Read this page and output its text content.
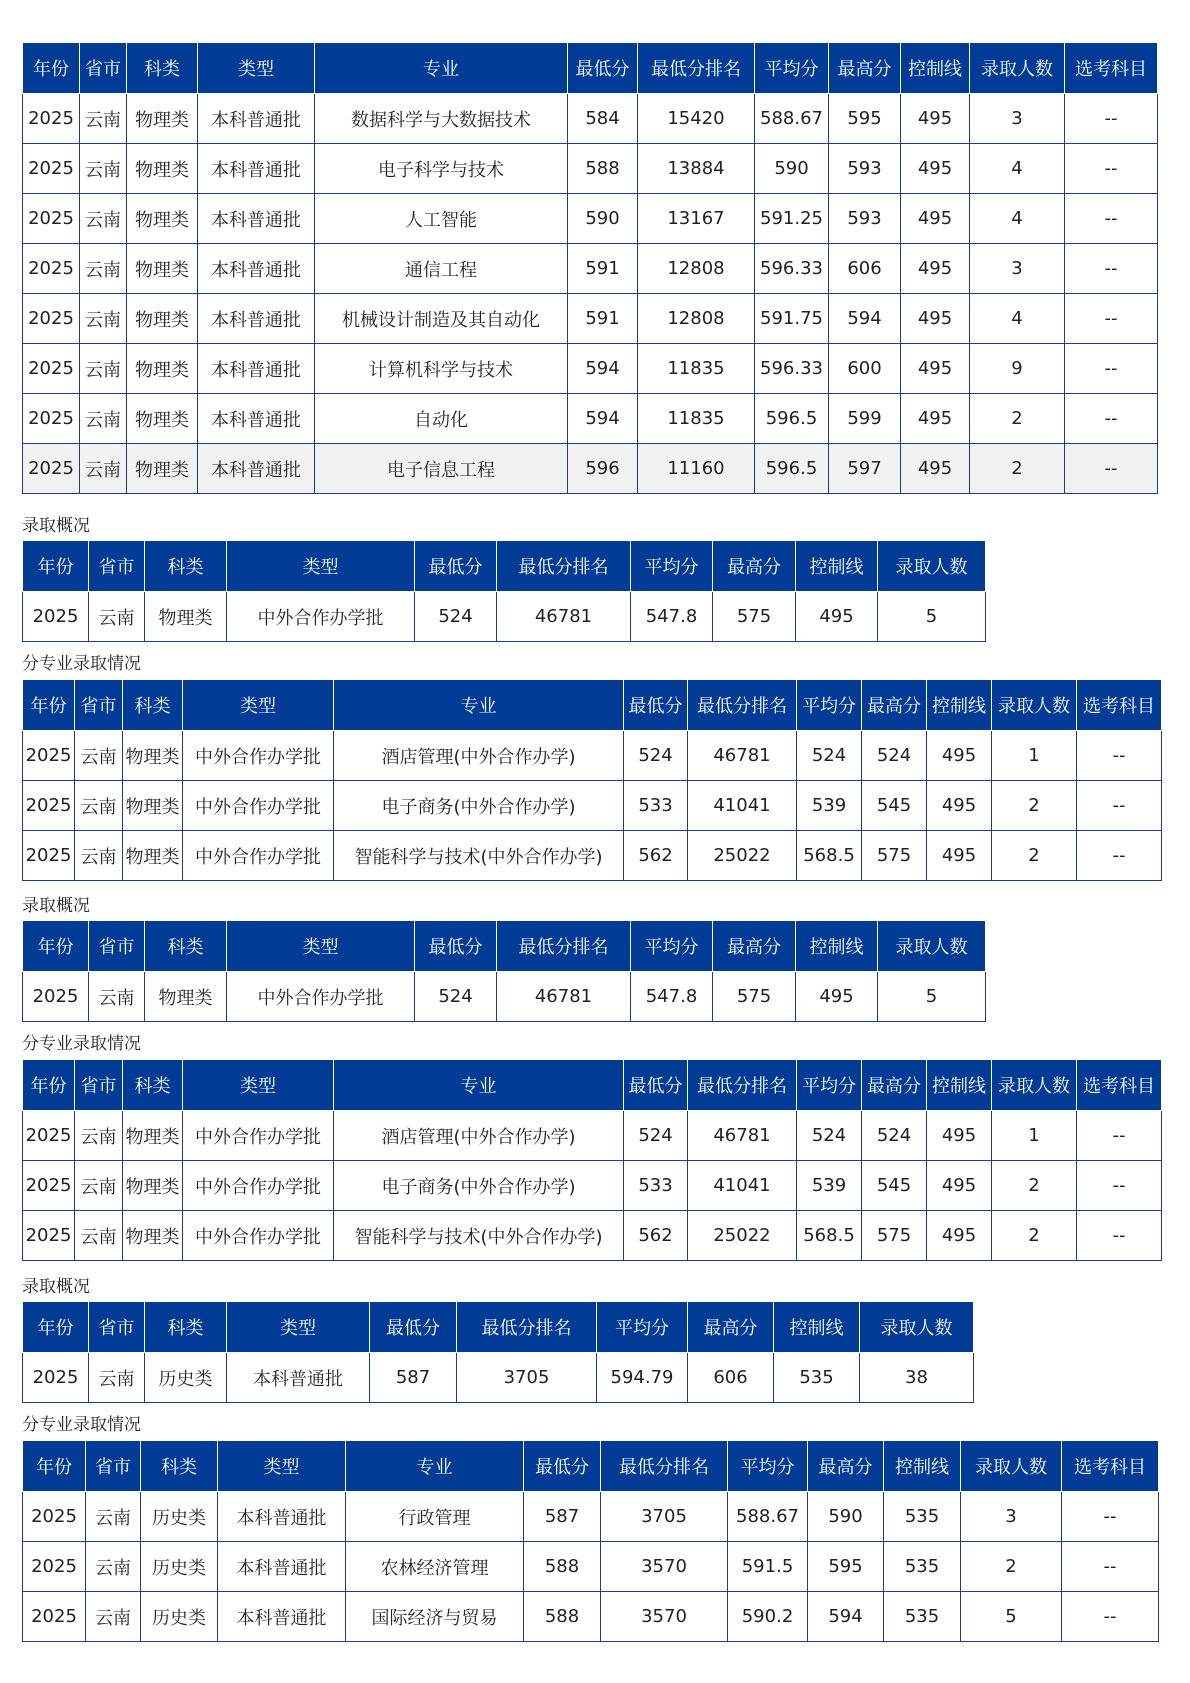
年份	省市	科类	类型	专业	最低分	最低分排名	平均分	最高分	控制线	录取人数	选考科目
2025	云南	物理类	本科普通批	数据科学与大数据技术	584	15420	588.67	595	495	3	--
2025	云南	物理类	本科普通批	电子科学与技术	588	13884	590	593	495	4	--
2025	云南	物理类	本科普通批	人工智能	590	13167	591.25	593	495	4	--
2025	云南	物理类	本科普通批	通信工程	591	12808	596.33	606	495	3	--
2025	云南	物理类	本科普通批	机械设计制造及其自动化	591	12808	591.75	594	495	4	--
2025	云南	物理类	本科普通批	计算机科学与技术	594	11835	596.33	600	495	9	--
2025	云南	物理类	本科普通批	自动化	594	11835	596.5	599	495	2	--
2025	云南	物理类	本科普通批	电子信息工程	596	11160	596.5	597	495	2	--
录取概况
年份	省市	科类	类型	最低分	最低分排名	平均分	最高分	控制线	录取人数
2025	云南	物理类	中外合作办学批	524	46781	547.8	575	495	5
分专业录取情况
年份	省市	科类	类型	专业	最低分	最低分排名	平均分	最高分	控制线	录取人数	选考科目
2025	云南	物理类	中外合作办学批	酒店管理(中外合作办学)	524	46781	524	524	495	1	--
2025	云南	物理类	中外合作办学批	电子商务(中外合作办学)	533	41041	539	545	495	2	--
2025	云南	物理类	中外合作办学批	智能科学与技术(中外合作办学)	562	25022	568.5	575	495	2	--
录取概况
年份	省市	科类	类型	最低分	最低分排名	平均分	最高分	控制线	录取人数
2025	云南	物理类	中外合作办学批	524	46781	547.8	575	495	5
分专业录取情况
年份	省市	科类	类型	专业	最低分	最低分排名	平均分	最高分	控制线	录取人数	选考科目
2025	云南	物理类	中外合作办学批	酒店管理(中外合作办学)	524	46781	524	524	495	1	--
2025	云南	物理类	中外合作办学批	电子商务(中外合作办学)	533	41041	539	545	495	2	--
2025	云南	物理类	中外合作办学批	智能科学与技术(中外合作办学)	562	25022	568.5	575	495	2	--
录取概况
年份	省市	科类	类型	最低分	最低分排名	平均分	最高分	控制线	录取人数
2025	云南	历史类	本科普通批	587	3705	594.79	606	535	38
分专业录取情况
年份	省市	科类	类型	专业	最低分	最低分排名	平均分	最高分	控制线	录取人数	选考科目
2025	云南	历史类	本科普通批	行政管理	587	3705	588.67	590	535	3	--
2025	云南	历史类	本科普通批	农林经济管理	588	3570	591.5	595	535	2	--
2025	云南	历史类	本科普通批	国际经济与贸易	588	3570	590.2	594	535	5	--
